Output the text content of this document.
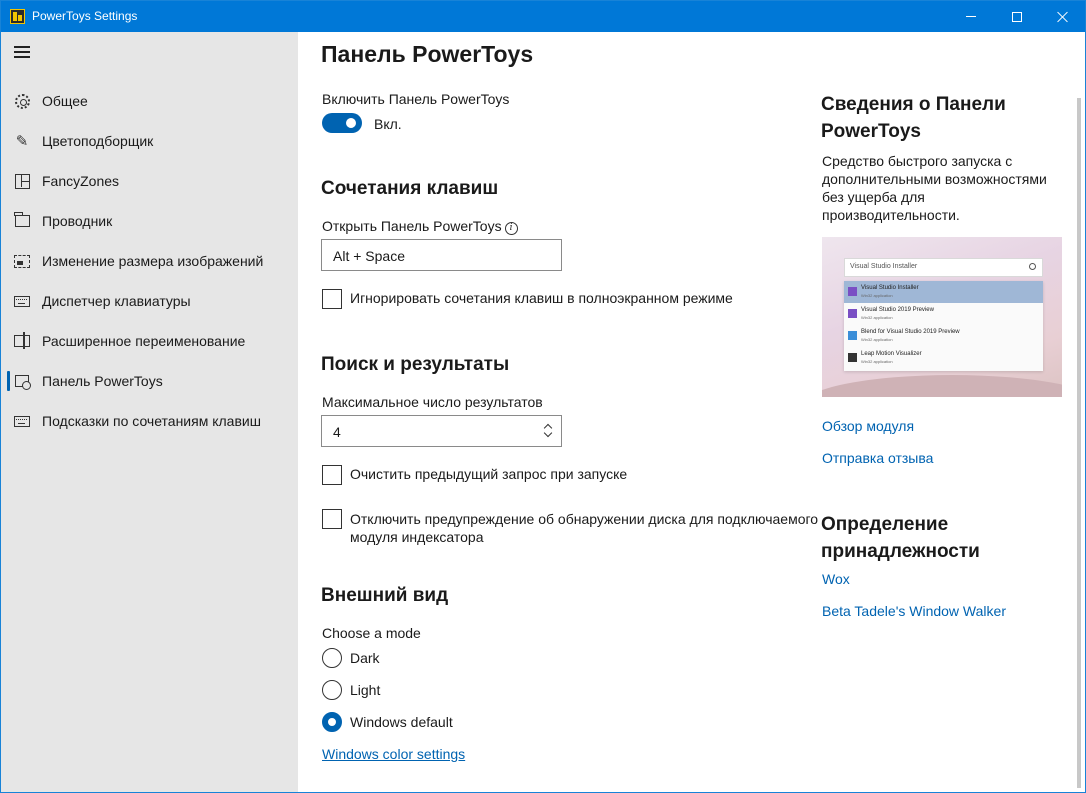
PowerToys Settings
Общее
✎ Цветоподборщик
FancyZones
Проводник
Изменение размера изображений
Диспетчер клавиатуры
Расширенное переименование
Панель PowerToys
Подсказки по сочетаниям клавиш
Панель PowerToys
Включить Панель PowerToys
Вкл.
Сочетания клавиш
Открыть Панель PowerToys i
Alt + Space
Игнорировать сочетания клавиш в полноэкранном режиме
Поиск и результаты
Максимальное число результатов
4
Очистить предыдущий запрос при запуске
Отключить предупреждение об обнаружении диска для подключаемого
модуля индексатора
Внешний вид
Choose a mode
Dark
Light
Windows default
Windows color settings
Сведения о Панели PowerToys
Средство быстрого запуска с дополнительными возможностями без ущерба для производительности.
Visual Studio Installer
Visual Studio Installer
Win32 application
Visual Studio 2019 Preview
Win32 application
Blend for Visual Studio 2019 Preview
Win32 application
Leap Motion Visualizer
Win32 application
Обзор модуля
Отправка отзыва
Определение принадлежности
Wox
Beta Tadele's Window Walker
